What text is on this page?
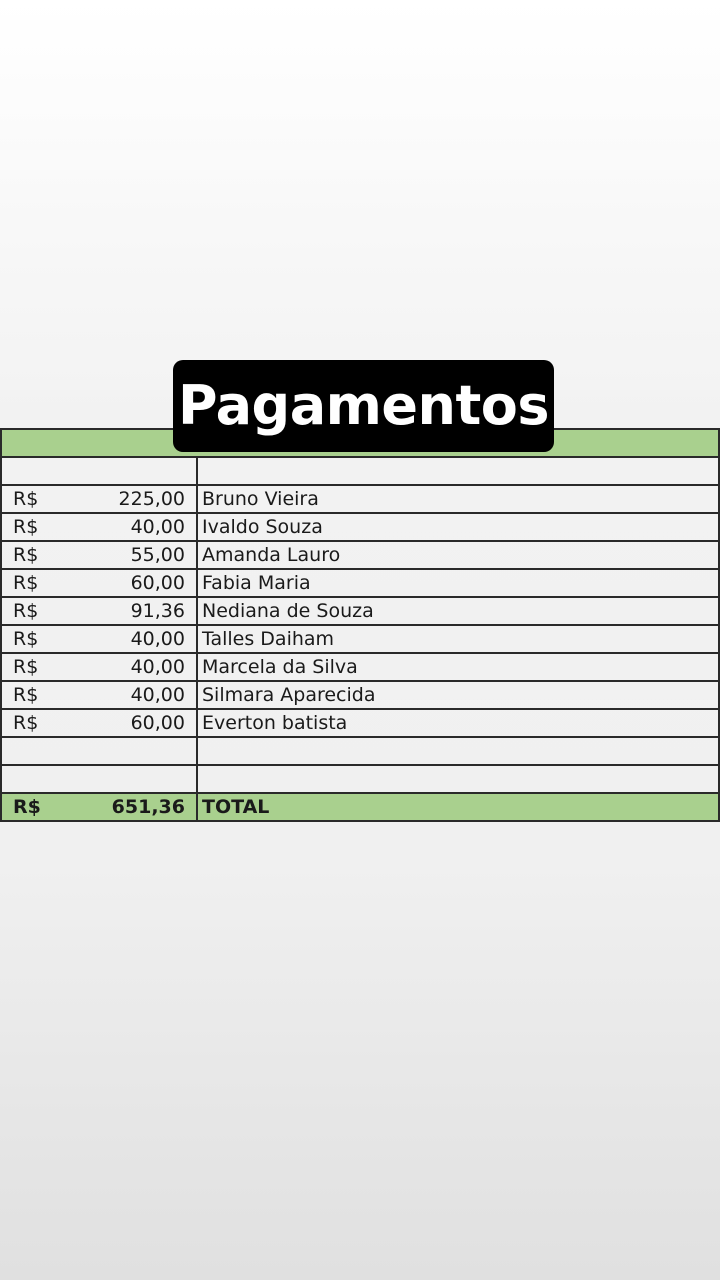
Pagamentos

R$ 225,00	Bruno Vieira

R$ 40,00	Ivaldo Souza

R$ 55,00	Amanda Lauro

R$ 60,00	Fabia Maria

R$ 91,36	Nediana de Souza

R$ 40,00	Talles Daiham

R$ 40,00	Marcela da Silva

R$ 40,00	Silmara Aparecida

R$ 60,00	Everton batista

R$ 651,36	TOTAL
